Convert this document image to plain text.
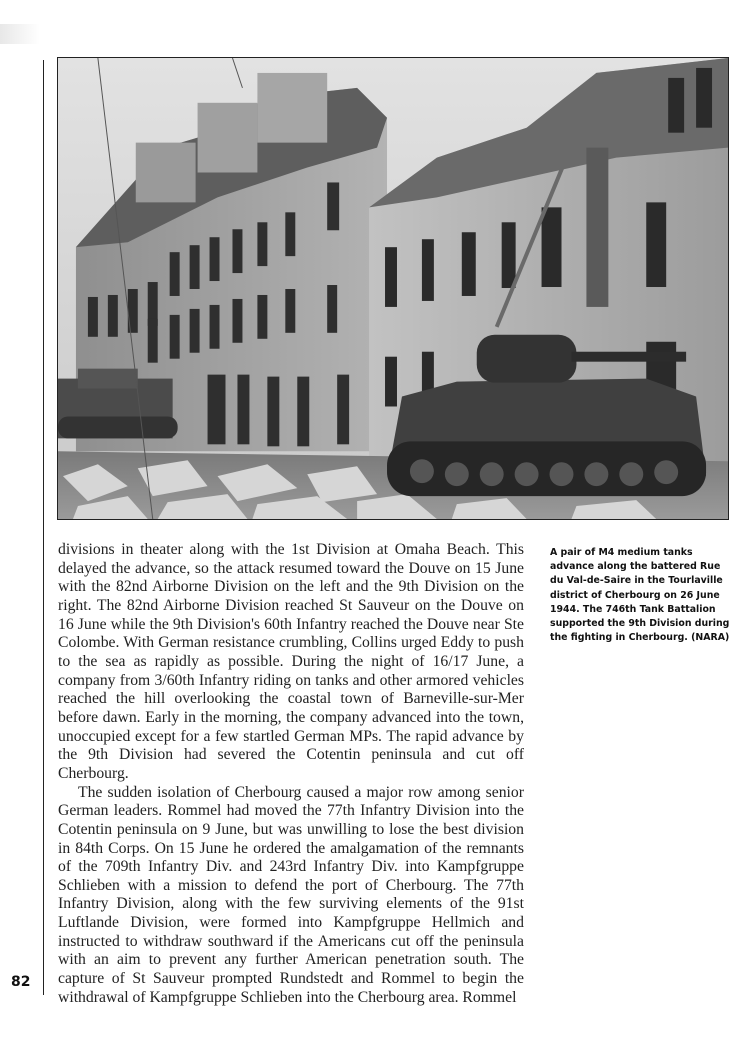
divisions in theater along with the 1st Division at Omaha Beach. This delayed the advance, so the attack resumed toward the Douve on 15 June with the 82nd Airborne Division on the left and the 9th Division on the right. The 82nd Airborne Division reached St Sauveur on the Douve on 16 June while the 9th Division's 60th Infantry reached the Douve near Ste Colombe. With German resistance crumbling, Collins urged Eddy to push to the sea as rapidly as possible. During the night of 16/17 June, a company from 3/60th Infantry riding on tanks and other armored vehicles reached the hill overlooking the coastal town of Barneville-sur-Mer before dawn. Early in the morning, the company advanced into the town, unoccupied except for a few startled German MPs. The rapid advance by the 9th Division had severed the Cotentin peninsula and cut off Cherbourg.

The sudden isolation of Cherbourg caused a major row among senior German leaders. Rommel had moved the 77th Infantry Division into the Cotentin peninsula on 9 June, but was unwilling to lose the best division in 84th Corps. On 15 June he ordered the amalgamation of the remnants of the 709th Infantry Div. and 243rd Infantry Div. into Kampfgruppe Schlieben with a mission to defend the port of Cherbourg. The 77th Infantry Division, along with the few surviving elements of the 91st Luftlande Division, were formed into Kampfgruppe Hellmich and instructed to withdraw southward if the Americans cut off the peninsula with an aim to prevent any further American penetration south. The capture of St Sauveur prompted Rundstedt and Rommel to begin the withdrawal of Kampfgruppe Schlieben into the Cherbourg area. Rommel

A pair of M4 medium tanks advance along the battered Rue du Val-de-Saire in the Tourlaville district of Cherbourg on 26 June 1944. The 746th Tank Battalion supported the 9th Division during the fighting in Cherbourg. (NARA)
82
